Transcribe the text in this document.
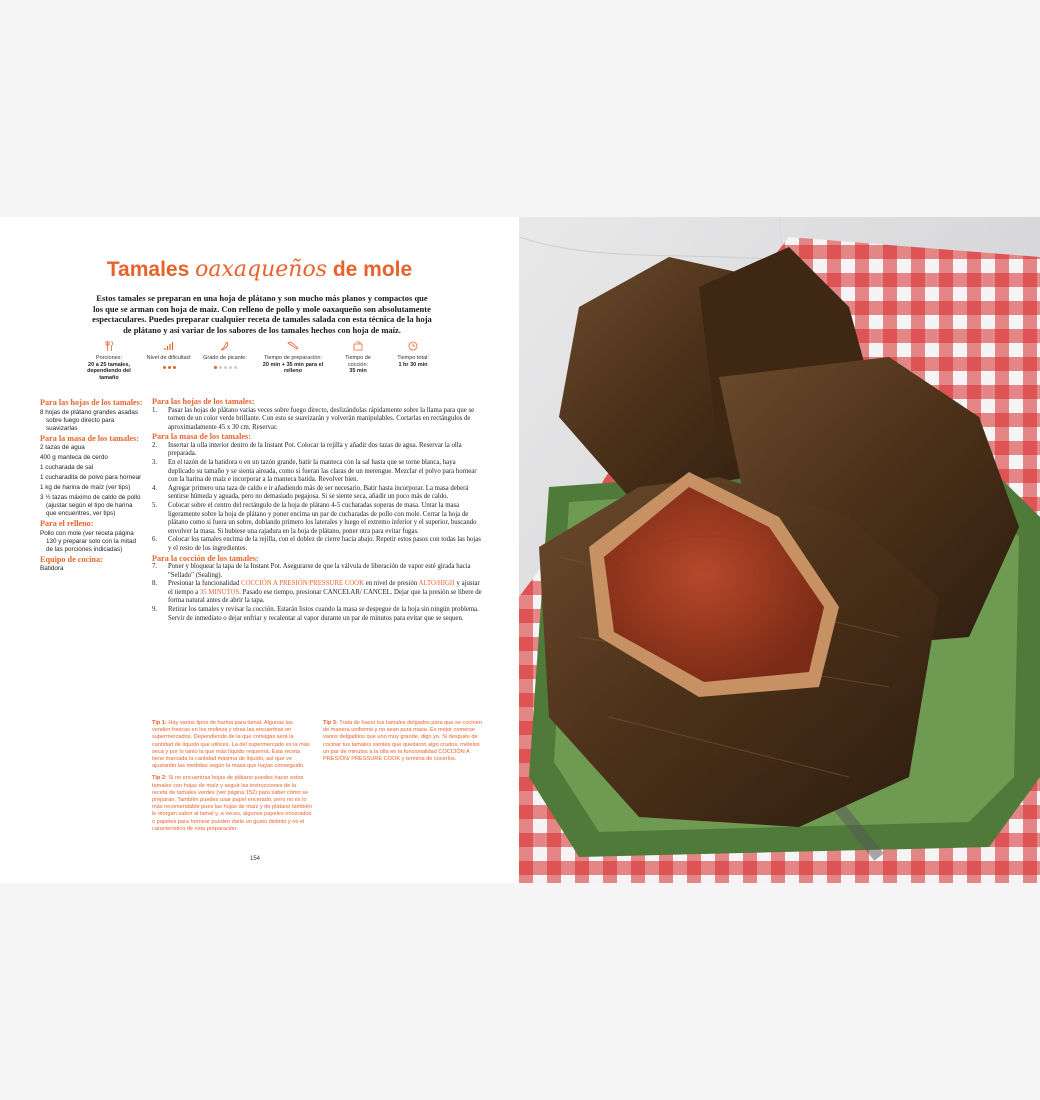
Tamales oaxaqueños de mole
Estos tamales se preparan en una hoja de plátano y son mucho más planos y compactos que los que se arman con hoja de maíz. Con relleno de pollo y mole oaxaqueño son absolutamente espectaculares. Puedes preparar cualquier receta de tamales salada con esta técnica de la hoja de plátano y así variar de los sabores de los tamales hechos con hoja de maíz.
Porciones:
20 a 25 tamales, dependiendo del tamaño
Nivel de dificultad: Grado de picante:	Tiempo de preparación:
20 min + 35 min para el relleno
Tiempo de cocción:
35 min
Tiempo total:
1 hr 30 min
Para las hojas de los tamales:
8 hojas de plátano grandes asadas sobre fuego directo para suavizarlas
Para la masa de los tamales:
2 tazas de agua
400 g manteca de cerdo
1 cucharada de sal
1 cucharadita de polvo para hornear
1 kg de harina de maíz (ver tips)
3 ½ tazas máximo de caldo de pollo (ajustar según el tipo de harina que encuentres, ver tips)
Para el relleno:
Pollo con mole (ver receta página 130 y preparar solo con la mitad de las porciones indicadas)
Equipo de cocina:
Batidora
Para las hojas de los tamales:
1. Pasar las hojas de plátano varias veces sobre fuego directo, deslizándolas rápidamente sobre la llama para que se tornen de un color verde brillante. Con esto se suavizarán y volverán manipulables. Cortarlas en rectángulos de aproximadamente 45 x 30 cm. Reservar.
Para la masa de los tamales:
2. Insertar la olla interior dentro de la Instant Pot. Colocar la rejilla y añadir dos tazas de agua. Reservar la olla preparada.
3. En el tazón de la batidora o en un tazón grande, batir la manteca con la sal hasta que se torne blanca, haya duplicado su tamaño y se sienta aireada, como si fueran las claras de un merengue. Mezclar el polvo para hornear con la harina de maíz e incorporar a la manteca batida. Revolver bien.
4. Agregar primero una taza de caldo e ir añadiendo más de ser necesario. Batir hasta incorporar. La masa deberá sentirse húmeda y aguada, pero no demasiado pegajosa. Si se siente seca, añadir un poco más de caldo.
5. Colocar sobre el centro del rectángulo de la hoja de plátano 4-5 cucharadas soperas de masa. Untar la masa ligeramente sobre la hoja de plátano y poner encima un par de cucharadas de pollo con mole. Cerrar la hoja de plátano como si fuera un sobre, doblando primero los laterales y luego el extremo inferior y el superior, buscando envolver la masa. Si hubiese una rajadura en la hoja de plátano, poner otra para evitar fugas.
6. Colocar los tamales encima de la rejilla, con el doblez de cierre hacia abajo. Repetir estos pasos con todas las hojas y el resto de los ingredientes.
Para la cocción de los tamales:
7. Poner y bloquear la tapa de la Instant Pot. Asegurarse de que la válvula de liberación de vapor esté girada hacia "Sellado" (Sealing).
8. Presionar la funcionalidad COCCIÓN A PRESIÓN/PRESSURE COOK en nivel de presión ALTO/HIGH y ajustar el tiempo a 35 MINUTOS. Pasado ese tiempo, presionar CANCELAR/ CANCEL. Dejar que la presión se libere de forma natural antes de abrir la tapa.
9. Retirar los tamales y revisar la cocción. Estarán listos cuando la masa se despegue de la hoja sin ningún problema. Servir de inmediato o dejar enfriar y recalentar al vapor durante un par de minutos para evitar que se sequen.
Tip 1: Hay varios tipos de harina para tamal. Algunas las venden frescas en los molinos y otras las encuentras en supermercados. Dependiendo de la que consigas será la cantidad de líquido que utilices. La del supermercado es la más seca y por lo tanto la que más líquido requerirá. Esta receta tiene marcada la cantidad máxima de líquido, así que ve ajustando las medidas según la masa que hayas conseguido.
Tip 2: Si no encuentras hojas de plátano puedes hacer estos tamales con hojas de maíz y seguir las instrucciones de la receta de tamales verdes (ver página 152) para saber cómo se preparan. También puedes usar papel encerado, pero no es lo más recomendable pues las hojas de maíz y de plátano también le otorgan sabor al tamal y, a veces, algunos papeles encerados o papeles para hornear pueden darle un gusto distinto y no el característico de esta preparación.
Tip 3: Trata de hacer tus tamales delgados para que se cocinen de manera uniforme y no sean pura masa. Es mejor comerse varios delgaditos que uno muy grande, digo yo. Si después de cocinar tus tamales sientes que quedaron algo crudos, mételos un par de minutos a la olla en la funcionalidad COCCIÓN A PRESIÓN/ PRESSURE COOK y termina de cocerlos.
154
